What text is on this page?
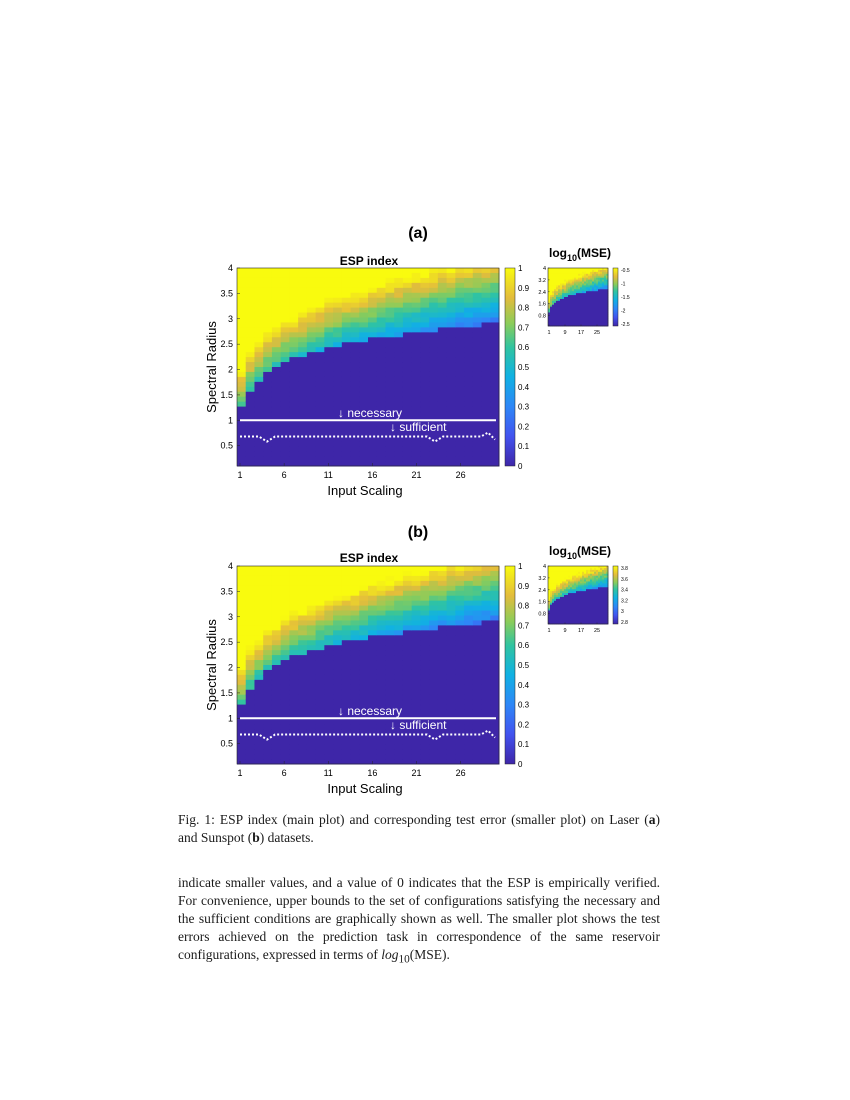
(a)
ESP index
$\log_{10}(MSE)$
1	6	11	16	21	26
0.5
1
1.5
2
2.5
3
3.5
4
Input Scaling
Spectral Radius
0
0.1
0.2
0.3
0.4
0.5
0.6
0.7
0.8
0.9
1
1 9 17 25
0.8
1.6
2.4
3.2
4	-0.5
-1
-1.5
-2
-2.5
↓ necessary
↓ sufficient
(b)
ESP index	$\log_{10}(MSE)$
1	6	11	16	21	26
0.5
1
1.5
2
2.5
3
3.5
4
Input Scaling
Spectral Radius
0
0.1
0.2
0.3
0.4
0.5
0.6
0.7
0.8
0.9
1
1 9 17 25
0.8
1.6
2.4
3.2
4	3.8
3.6
3.4
3.2
3
2.8
↓ necessary
↓ sufficient
Fig. 1: ESP index (main plot) and corresponding test error (smaller plot) on Laser (a) and Sunspot (b) datasets.
indicate smaller values, and a value of 0 indicates that the ESP is empirically verified. For convenience, upper bounds to the set of configurations satisfying the necessary and the sufficient conditions are graphically shown as well. The smaller plot shows the test errors achieved on the prediction task in correspondence of the same reservoir configurations, expressed in terms of $\log_{10}(MSE)$.
